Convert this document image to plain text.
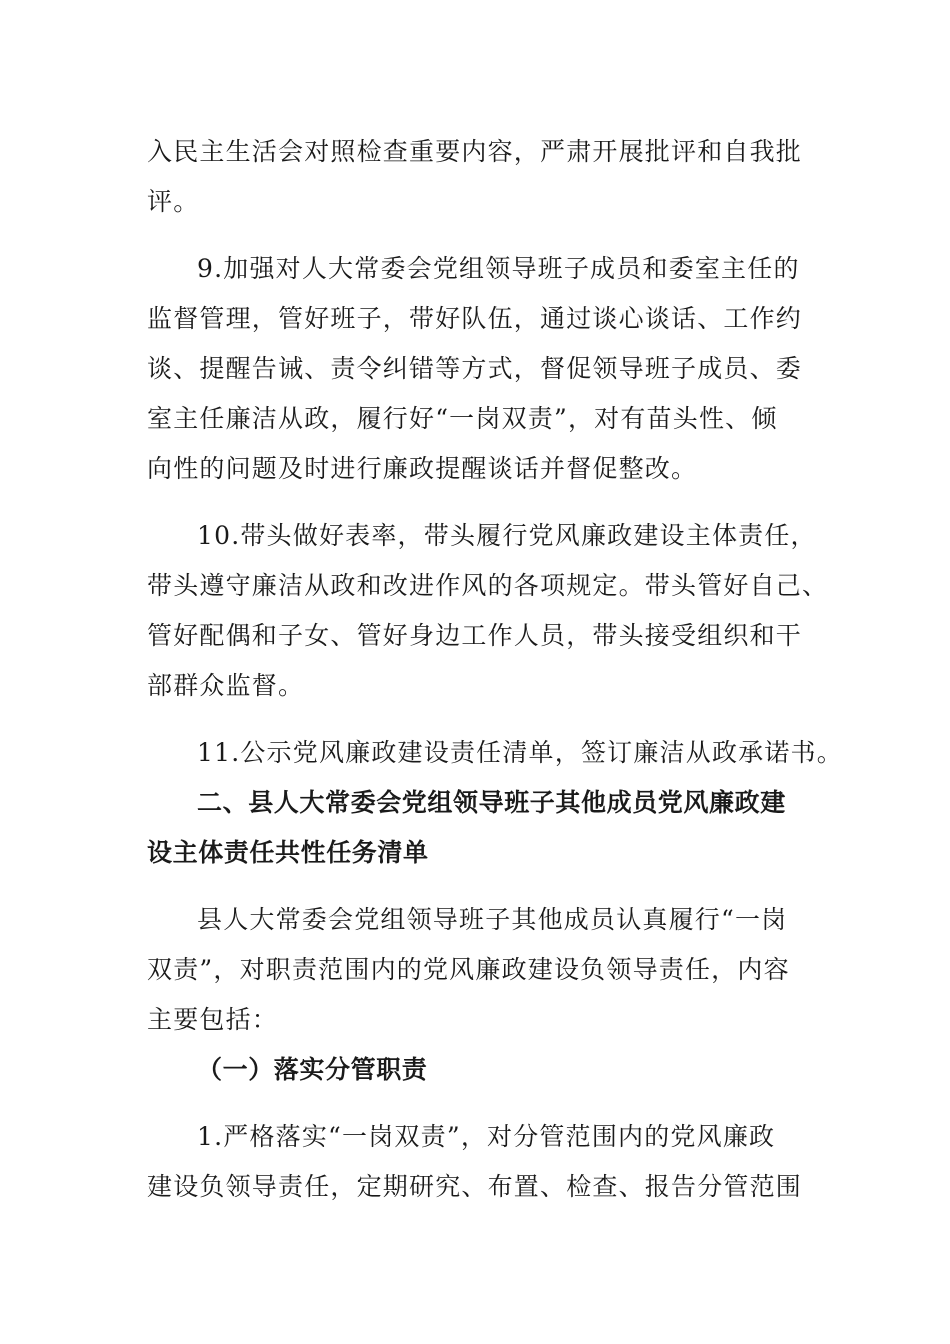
入民主生活会对照检查重要内容，严肃开展批评和自我批
评。
9.加强对人大常委会党组领导班子成员和委室主任的
监督管理，管好班子，带好队伍，通过谈心谈话、工作约
谈、提醒告诫、责令纠错等方式，督促领导班子成员、委
室主任廉洁从政，履行好“一岗双责”，对有苗头性、倾
向性的问题及时进行廉政提醒谈话并督促整改。
10.带头做好表率，带头履行党风廉政建设主体责任，
带头遵守廉洁从政和改进作风的各项规定。带头管好自己、
管好配偶和子女、管好身边工作人员，带头接受组织和干
部群众监督。
11.公示党风廉政建设责任清单，签订廉洁从政承诺书。
二、县人大常委会党组领导班子其他成员党风廉政建
设主体责任共性任务清单
县人大常委会党组领导班子其他成员认真履行“一岗
双责”，对职责范围内的党风廉政建设负领导责任，内容
主要包括：
（一）落实分管职责
1.严格落实“一岗双责”，对分管范围内的党风廉政
建设负领导责任，定期研究、布置、检查、报告分管范围
